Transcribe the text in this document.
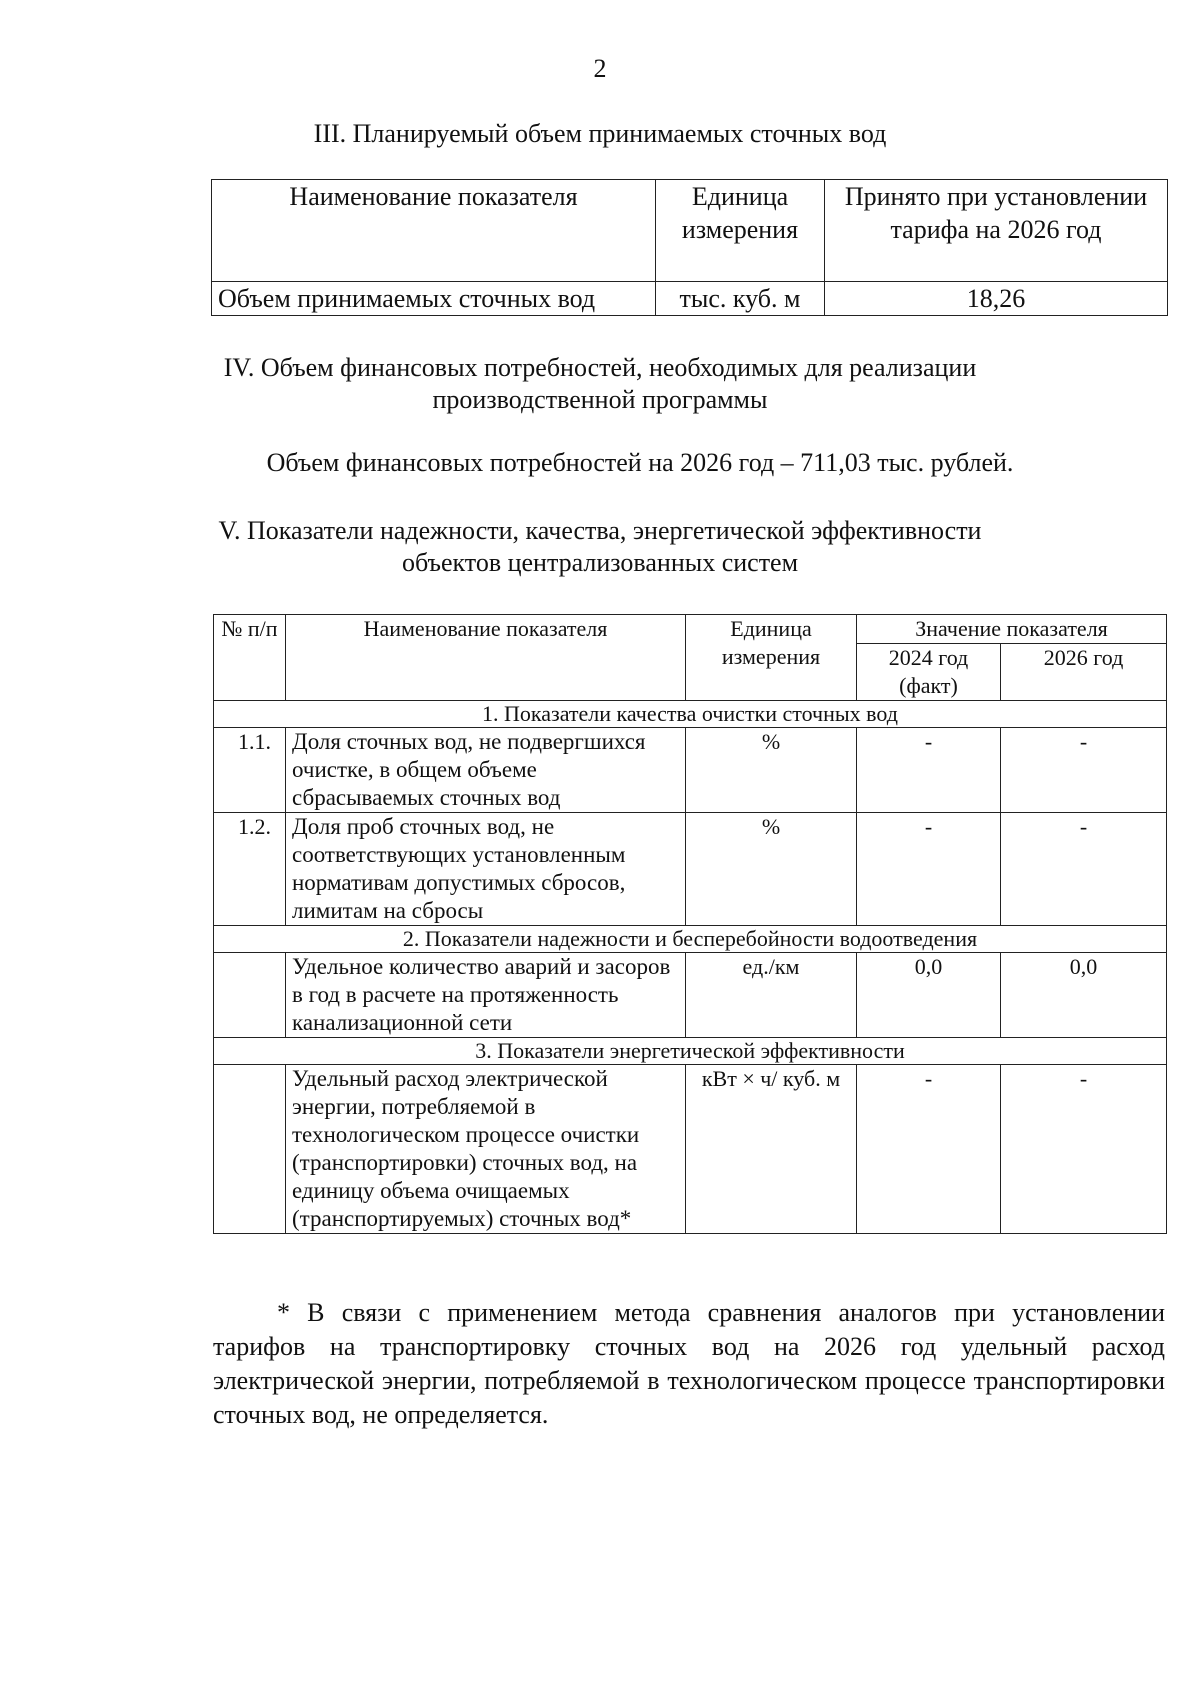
2
III. Планируемый объем принимаемых сточных вод
Наименование показателя	Единица измерения	Принято при установлении тарифа на 2026 год
Объем принимаемых сточных вод	тыс. куб. м	18,26
IV. Объем финансовых потребностей, необходимых для реализации
производственной программы
Объем финансовых потребностей на 2026 год – 711,03 тыс. рублей.
V. Показатели надежности, качества, энергетической эффективности
объектов централизованных систем
№ п/п	Наименование показателя	Единица измерения	Значение показателя	
			2024 год (факт)	2026 год
1. Показатели качества очистки сточных вод				
1.1.	Доля сточных вод, не подвергшихся очистке, в общем объеме сбрасываемых сточных вод	%	-	-
1.2.	Доля проб сточных вод, не соответствующих установленным нормативам допустимых сбросов, лимитам на сбросы	%	-	-
2. Показатели надежности и бесперебойности водоотведения				
	Удельное количество аварий и засоров в год в расчете на протяженность канализационной сети	ед./км	0,0	0,0
3. Показатели энергетической эффективности				
	Удельный расход электрической энергии, потребляемой в технологическом процессе очистки (транспортировки) сточных вод, на единицу объема очищаемых (транспортируемых) сточных вод*	кВт × ч/ куб. м	-	-
* В связи с применением метода сравнения аналогов при установлении тарифов на транспортировку сточных вод на 2026 год удельный расход электрической энергии, потребляемой в технологическом процессе транспортировки сточных вод, не определяется.
